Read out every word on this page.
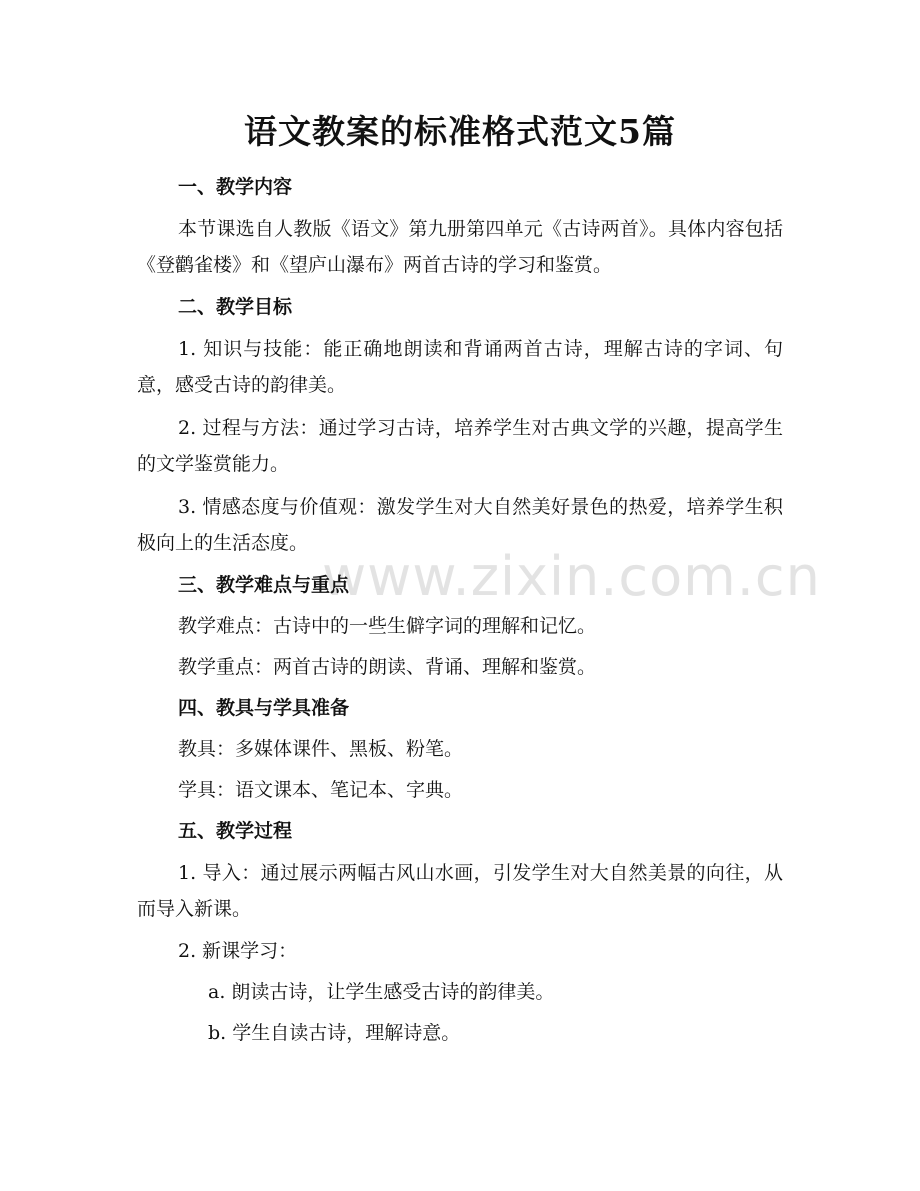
www.zixin.com.cn
语文教案的标准格式范文5篇
一、教学内容
本节课选自人教版《语文》第九册第四单元《古诗两首》。具体内容包括《登鹳雀楼》和《望庐山瀑布》两首古诗的学习和鉴赏。
二、教学目标
1. 知识与技能：能正确地朗读和背诵两首古诗，理解古诗的字词、句意，感受古诗的韵律美。
2. 过程与方法：通过学习古诗，培养学生对古典文学的兴趣，提高学生的文学鉴赏能力。
3. 情感态度与价值观：激发学生对大自然美好景色的热爱，培养学生积极向上的生活态度。
三、教学难点与重点
教学难点：古诗中的一些生僻字词的理解和记忆。
教学重点：两首古诗的朗读、背诵、理解和鉴赏。
四、教具与学具准备
教具：多媒体课件、黑板、粉笔。
学具：语文课本、笔记本、字典。
五、教学过程
1. 导入：通过展示两幅古风山水画，引发学生对大自然美景的向往，从而导入新课。
2. 新课学习：
a. 朗读古诗，让学生感受古诗的韵律美。
b. 学生自读古诗，理解诗意。
